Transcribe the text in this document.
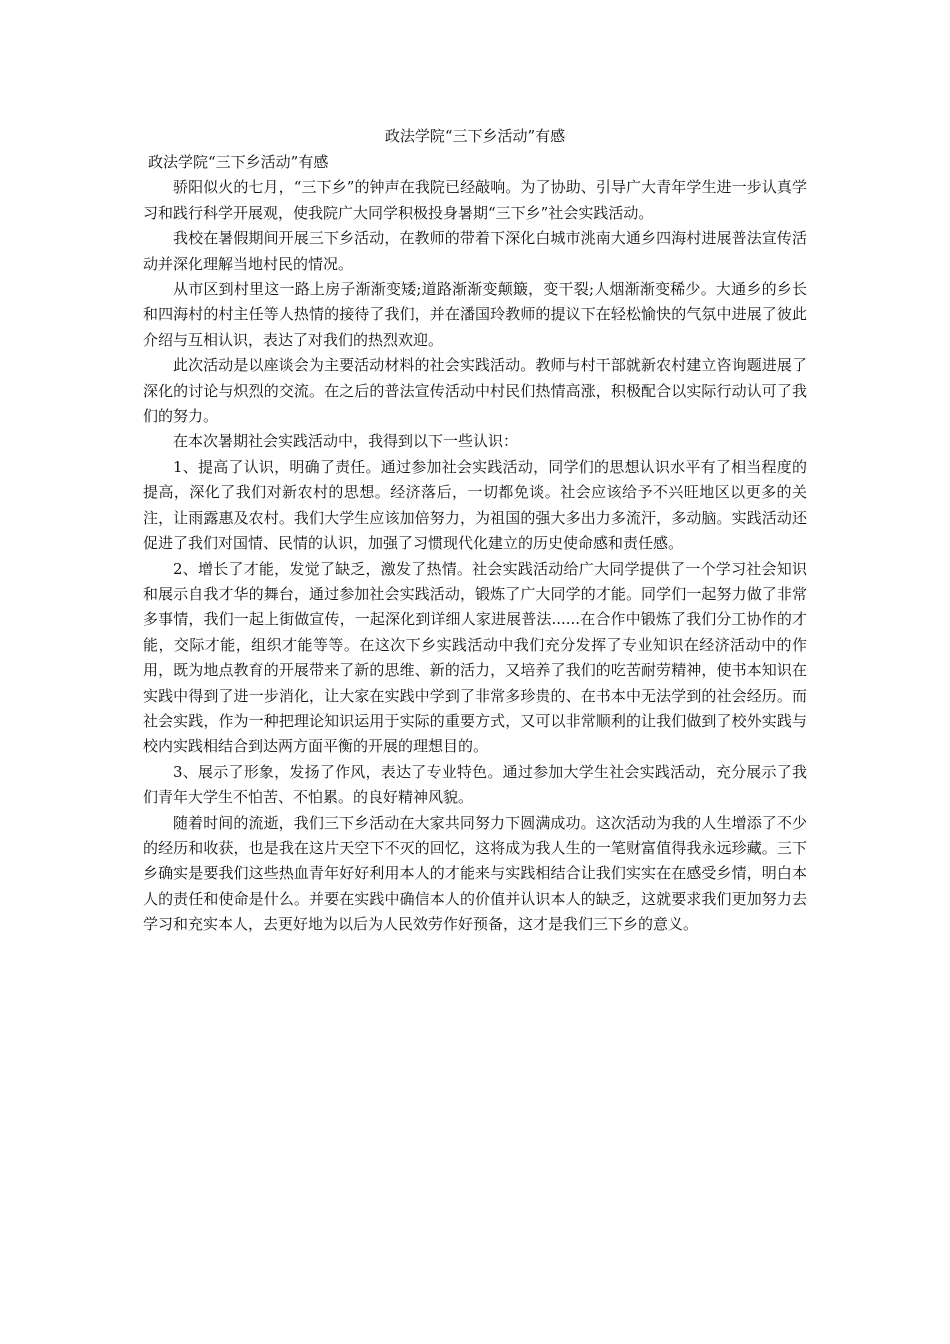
政法学院“三下乡活动”有感

政法学院“三下乡活动”有感

骄阳似火的七月，“三下乡”的钟声在我院已经敲响。为了协助、引导广大青年学生进一步认真学习和践行科学开展观，使我院广大同学积极投身暑期“三下乡”社会实践活动。

我校在暑假期间开展三下乡活动，在教师的带着下深化白城市洮南大通乡四海村进展普法宣传活动并深化理解当地村民的情况。

从市区到村里这一路上房子渐渐变矮;道路渐渐变颠簸，变干裂;人烟渐渐变稀少。大通乡的乡长和四海村的村主任等人热情的接待了我们，并在潘国玲教师的提议下在轻松愉快的气氛中进展了彼此介绍与互相认识，表达了对我们的热烈欢迎。

此次活动是以座谈会为主要活动材料的社会实践活动。教师与村干部就新农村建立咨询题进展了深化的讨论与炽烈的交流。在之后的普法宣传活动中村民们热情高涨，积极配合以实际行动认可了我们的努力。

在本次暑期社会实践活动中，我得到以下一些认识：

1、提高了认识，明确了责任。通过参加社会实践活动，同学们的思想认识水平有了相当程度的提高，深化了我们对新农村的思想。经济落后，一切都免谈。社会应该给予不兴旺地区以更多的关注，让雨露惠及农村。我们大学生应该加倍努力，为祖国的强大多出力多流汗，多动脑。实践活动还促进了我们对国情、民情的认识，加强了习惯现代化建立的历史使命感和责任感。

2、增长了才能，发觉了缺乏，激发了热情。社会实践活动给广大同学提供了一个学习社会知识和展示自我才华的舞台，通过参加社会实践活动，锻炼了广大同学的才能。同学们一起努力做了非常多事情，我们一起上街做宣传，一起深化到详细人家进展普法......在合作中锻炼了我们分工协作的才能，交际才能，组织才能等等。在这次下乡实践活动中我们充分发挥了专业知识在经济活动中的作用，既为地点教育的开展带来了新的思维、新的活力，又培养了我们的吃苦耐劳精神，使书本知识在实践中得到了进一步消化，让大家在实践中学到了非常多珍贵的、在书本中无法学到的社会经历。而社会实践，作为一种把理论知识运用于实际的重要方式，又可以非常顺利的让我们做到了校外实践与校内实践相结合到达两方面平衡的开展的理想目的。

3、展示了形象，发扬了作风，表达了专业特色。通过参加大学生社会实践活动，充分展示了我们青年大学生不怕苦、不怕累。的良好精神风貌。

随着时间的流逝，我们三下乡活动在大家共同努力下圆满成功。这次活动为我的人生增添了不少的经历和收获，也是我在这片天空下不灭的回忆，这将成为我人生的一笔财富值得我永远珍藏。三下乡确实是要我们这些热血青年好好利用本人的才能来与实践相结合让我们实实在在感受乡情，明白本人的责任和使命是什么。并要在实践中确信本人的价值并认识本人的缺乏，这就要求我们更加努力去学习和充实本人，去更好地为以后为人民效劳作好预备，这才是我们三下乡的意义。
